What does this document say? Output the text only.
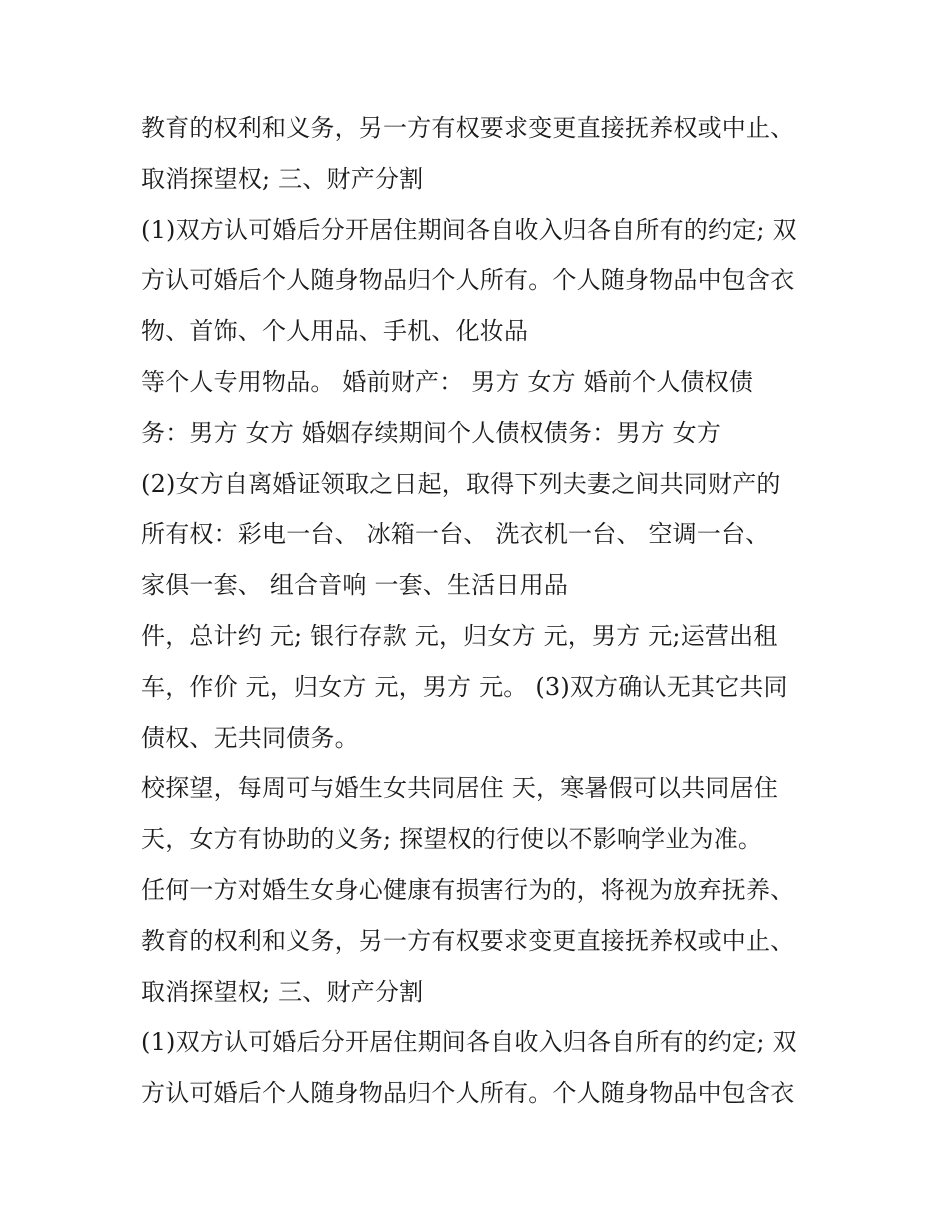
教育的权利和义务，另一方有权要求变更直接抚养权或中止、
取消探望权; 三、财产分割
(1)双方认可婚后分开居住期间各自收入归各自所有的约定; 双
方认可婚后个人随身物品归个人所有。个人随身物品中包含衣
物、首饰、个人用品、手机、化妆品
等个人专用物品。 婚前财产： 男方 女方 婚前个人债权债
务：男方 女方 婚姻存续期间个人债权债务：男方 女方
(2)女方自离婚证领取之日起，取得下列夫妻之间共同财产的
所有权：彩电一台、 冰箱一台、 洗衣机一台、 空调一台、
家俱一套、 组合音响 一套、生活日用品
件，总计约 元; 银行存款 元，归女方 元，男方 元;运营出租
车，作价 元，归女方 元，男方 元。 (3)双方确认无其它共同
债权、无共同债务。
校探望，每周可与婚生女共同居住 天，寒暑假可以共同居住
天，女方有协助的义务; 探望权的行使以不影响学业为准。
任何一方对婚生女身心健康有损害行为的，将视为放弃抚养、
教育的权利和义务，另一方有权要求变更直接抚养权或中止、
取消探望权; 三、财产分割
(1)双方认可婚后分开居住期间各自收入归各自所有的约定; 双
方认可婚后个人随身物品归个人所有。个人随身物品中包含衣
